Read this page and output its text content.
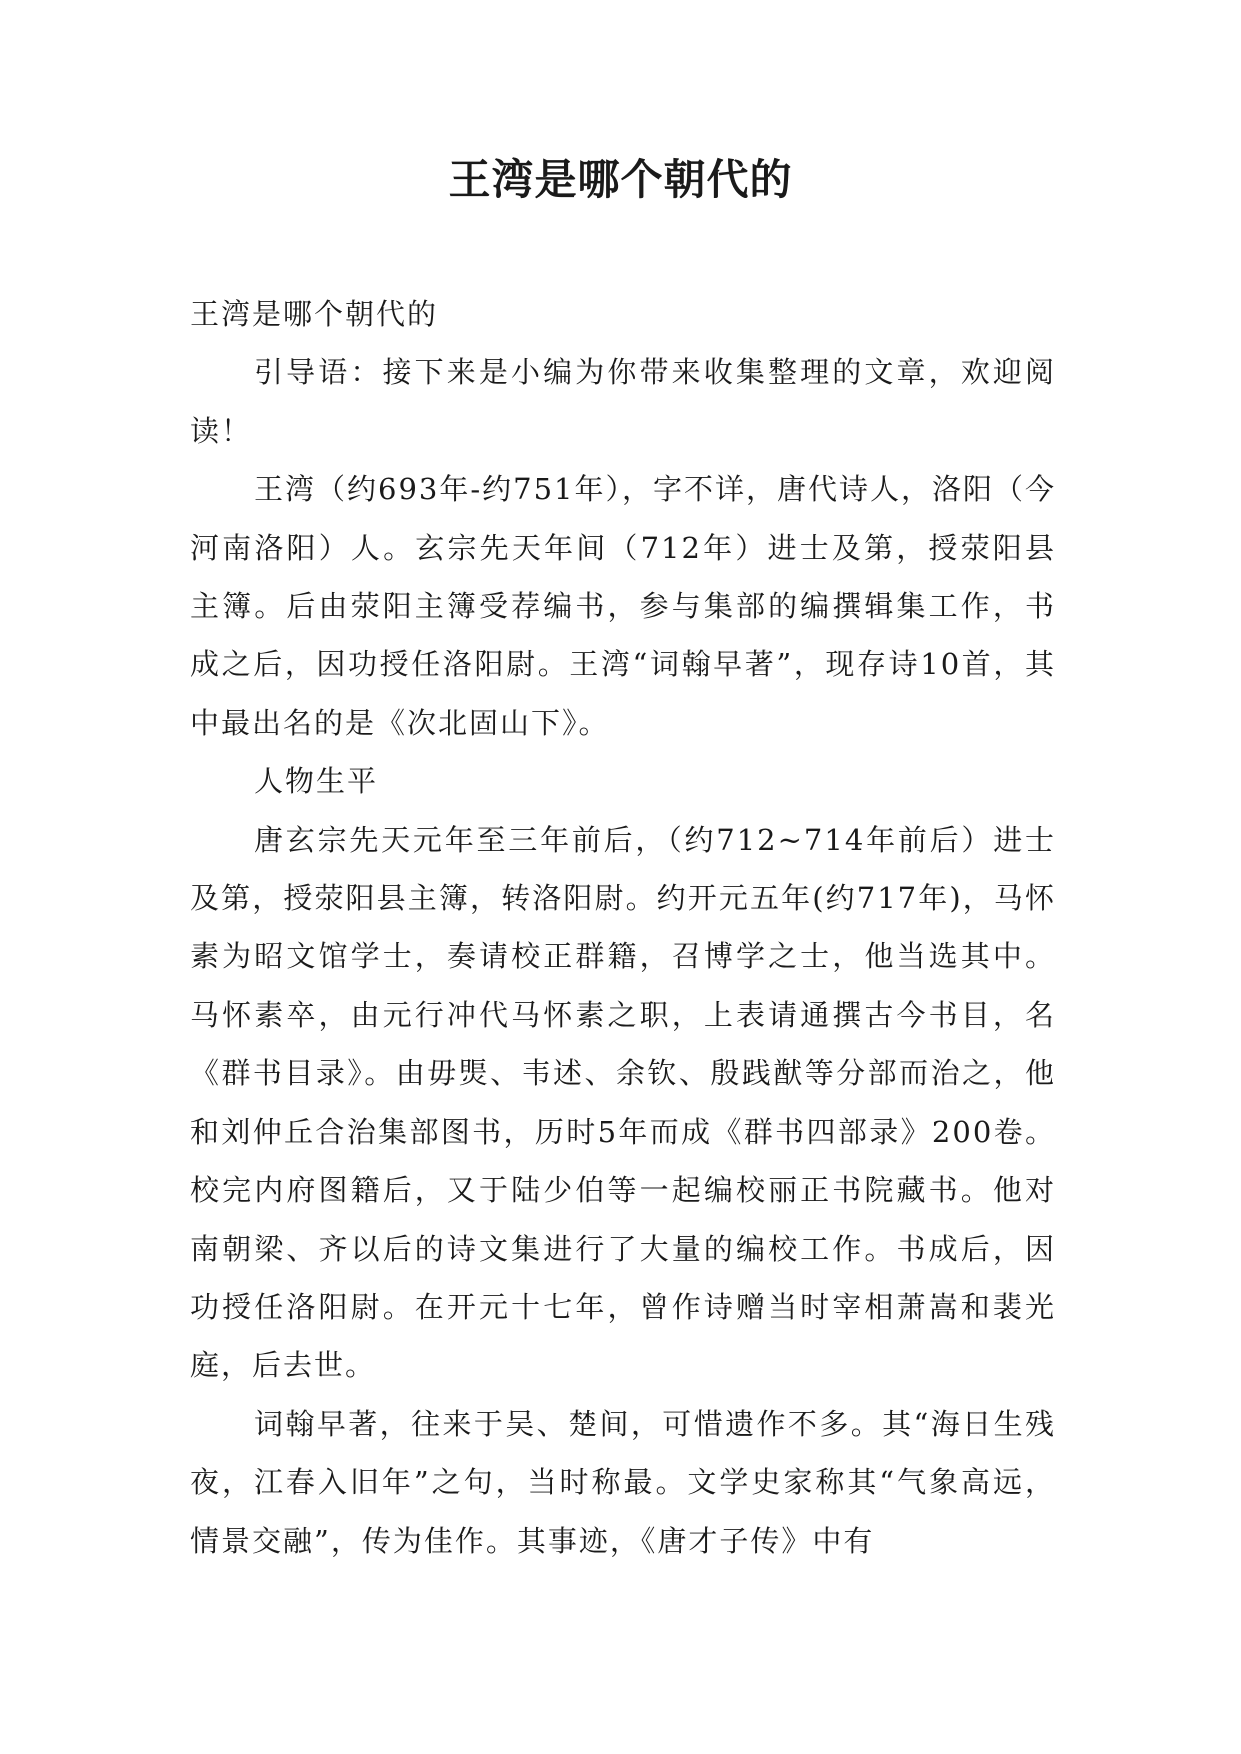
王湾是哪个朝代的

王湾是哪个朝代的

引导语：接下来是小编为你带来收集整理的文章，欢迎阅读！

王湾（约693年-约751年），字不详，唐代诗人，洛阳（今河南洛阳）人。玄宗先天年间（712年）进士及第，授荥阳县主簿。后由荥阳主簿受荐编书，参与集部的编撰辑集工作，书成之后，因功授任洛阳尉。王湾“词翰早著”，现存诗10首，其中最出名的是《次北固山下》。

人物生平

唐玄宗先天元年至三年前后，（约712~714年前后）进士及第，授荥阳县主簿，转洛阳尉。约开元五年(约717年)，马怀素为昭文馆学士，奏请校正群籍，召博学之士，他当选其中。马怀素卒，由元行冲代马怀素之职，上表请通撰古今书目，名《群书目录》。由毋煚、韦述、余钦、殷践猷等分部而治之，他和刘仲丘合治集部图书，历时5年而成《群书四部录》200卷。校完内府图籍后，又于陆少伯等一起编校丽正书院藏书。他对南朝梁、齐以后的诗文集进行了大量的编校工作。书成后，因功授任洛阳尉。在开元十七年，曾作诗赠当时宰相萧嵩和裴光庭，后去世。

词翰早著，往来于吴、楚间，可惜遗作不多。其“海日生残夜，江春入旧年”之句，当时称最。文学史家称其“气象高远，情景交融”，传为佳作。其事迹，《唐才子传》中有
